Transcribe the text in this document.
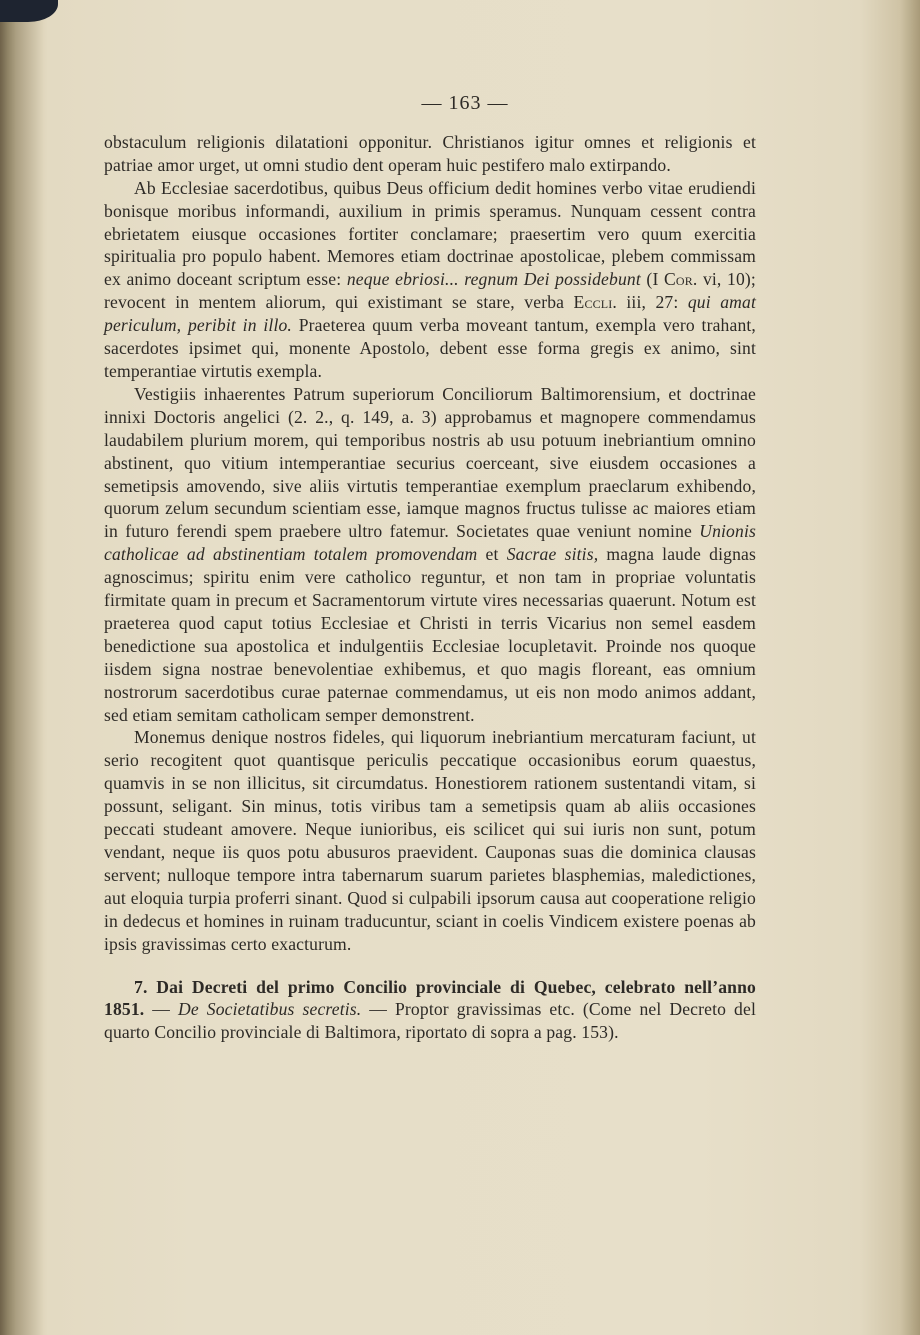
— 163 —

obstaculum religionis dilatationi opponitur. Christianos igitur omnes et religionis et patriae amor urget, ut omni studio dent operam huic pestifero malo extirpando.

Ab Ecclesiae sacerdotibus, quibus Deus officium dedit homines verbo vitae erudiendi bonisque moribus informandi, auxilium in primis speramus. Nunquam cessent contra ebrietatem eiusque occasiones fortiter conclamare; praesertim vero quum exercitia spiritualia pro populo habent. Memores etiam doctrinae apostolicae, plebem commissam ex animo doceant scriptum esse: neque ebriosi... regnum Dei possidebunt (I Cor. vi, 10); revocent in mentem aliorum, qui existimant se stare, verba Eccli. iii, 27: qui amat periculum, peribit in illo. Praeterea quum verba moveant tantum, exempla vero trahant, sacerdotes ipsimet qui, monente Apostolo, debent esse forma gregis ex animo, sint temperantiae virtutis exempla.

Vestigiis inhaerentes Patrum superiorum Conciliorum Baltimorensium, et doctrinae innixi Doctoris angelici (2. 2., q. 149, a. 3) approbamus et magnopere commendamus laudabilem plurium morem, qui temporibus nostris ab usu potuum inebriantium omnino abstinent, quo vitium intemperantiae securius coerceant, sive eiusdem occasiones a semetipsis amovendo, sive aliis virtutis temperantiae exemplum praeclarum exhibendo, quorum zelum secundum scientiam esse, iamque magnos fructus tulisse ac maiores etiam in futuro ferendi spem praebere ultro fatemur. Societates quae veniunt nomine Unionis catholicae ad abstinentiam totalem promovendam et Sacrae sitis, magna laude dignas agnoscimus; spiritu enim vere catholico reguntur, et non tam in propriae voluntatis firmitate quam in precum et Sacramentorum virtute vires necessarias quaerunt. Notum est praeterea quod caput totius Ecclesiae et Christi in terris Vicarius non semel easdem benedictione sua apostolica et indulgentiis Ecclesiae locupletavit. Proinde nos quoque iisdem signa nostrae benevolentiae exhibemus, et quo magis floreant, eas omnium nostrorum sacerdotibus curae paternae commendamus, ut eis non modo animos addant, sed etiam semitam catholicam semper demonstrent.

Monemus denique nostros fideles, qui liquorum inebriantium mercaturam faciunt, ut serio recogitent quot quantisque periculis peccatique occasionibus eorum quaestus, quamvis in se non illicitus, sit circumdatus. Honestiorem rationem sustentandi vitam, si possunt, seligant. Sin minus, totis viribus tam a semetipsis quam ab aliis occasiones peccati studeant amovere. Neque iunioribus, eis scilicet qui sui iuris non sunt, potum vendant, neque iis quos potu abusuros praevident. Cauponas suas die dominica clausas servent; nulloque tempore intra tabernarum suarum parietes blasphemias, maledictiones, aut eloquia turpia proferri sinant. Quod si culpabili ipsorum causa aut cooperatione religio in dedecus et homines in ruinam traducuntur, sciant in coelis Vindicem existere poenas ab ipsis gravissimas certo exacturum.

7. Dai Decreti del primo Concilio provinciale di Quebec, celebrato nell’anno 1851. — De Societatibus secretis. — Proptor gravissimas etc. (Come nel Decreto del quarto Concilio provinciale di Baltimora, riportato di sopra a pag. 153).
